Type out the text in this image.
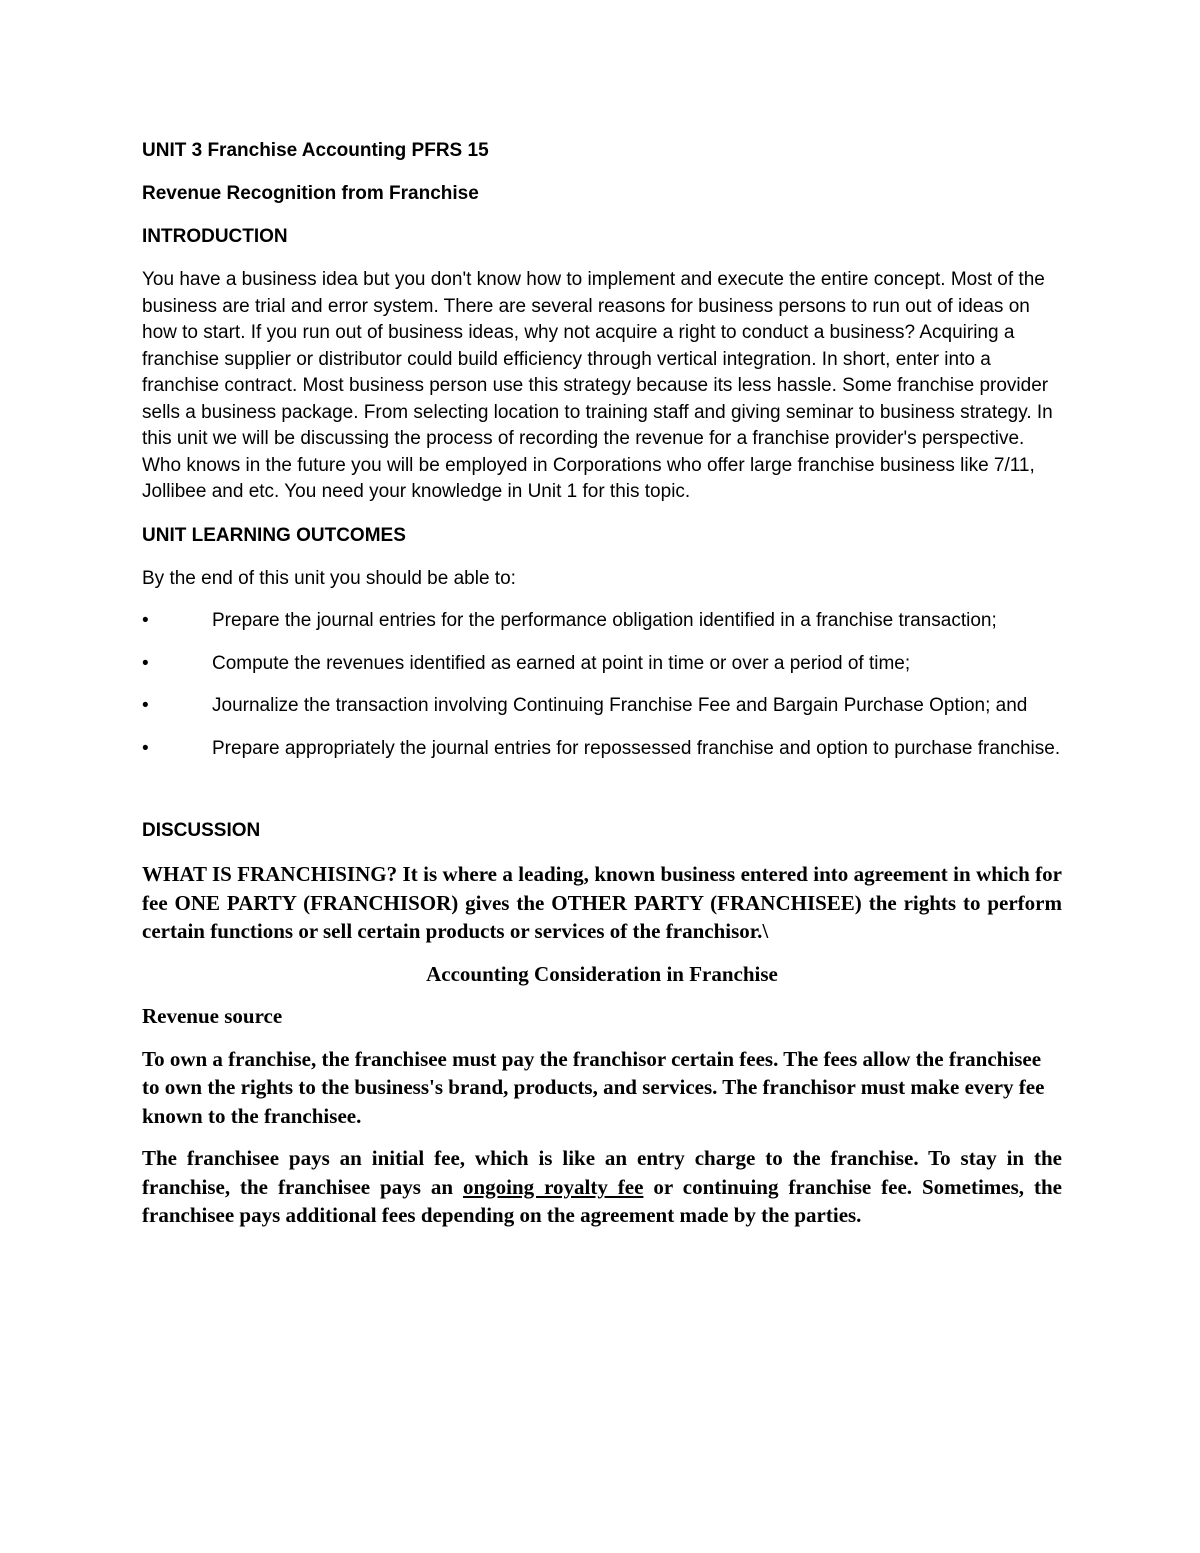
UNIT 3 Franchise Accounting PFRS 15

Revenue Recognition from Franchise

INTRODUCTION

You have a business idea but you don't know how to implement and execute the entire concept. Most of the business are trial and error system. There are several reasons for business persons to run out of ideas on how to start. If you run out of business ideas, why not acquire a right to conduct a business? Acquiring a franchise supplier or distributor could build efficiency through vertical integration. In short, enter into a franchise contract. Most business person use this strategy because its less hassle. Some franchise provider sells a business package. From selecting location to training staff and giving seminar to business strategy. In this unit we will be discussing the process of recording the revenue for a franchise provider's perspective. Who knows in the future you will be employed in Corporations who offer large franchise business like 7/11, Jollibee and etc. You need your knowledge in Unit 1 for this topic.

UNIT LEARNING OUTCOMES

By the end of this unit you should be able to:

•	Prepare the journal entries for the performance obligation identified in a franchise transaction;

•	Compute the revenues identified as earned at point in time or over a period of time;

•	Journalize the transaction involving Continuing Franchise Fee and Bargain Purchase Option; and

•	Prepare appropriately the journal entries for repossessed franchise and option to purchase franchise.

DISCUSSION

WHAT IS FRANCHISING? It is where a leading, known business entered into agreement in which for fee ONE PARTY (FRANCHISOR) gives the OTHER PARTY (FRANCHISEE) the rights to perform certain functions or sell certain products or services of the franchisor.\

Accounting Consideration in Franchise

Revenue source

To own a franchise, the franchisee must pay the franchisor certain fees. The fees allow the franchisee to own the rights to the business's brand, products, and services. The franchisor must make every fee known to the franchisee.

The franchisee pays an initial fee, which is like an entry charge to the franchise. To stay in the franchise, the franchisee pays an ongoing royalty fee or continuing franchise fee. Sometimes, the franchisee pays additional fees depending on the agreement made by the parties.
